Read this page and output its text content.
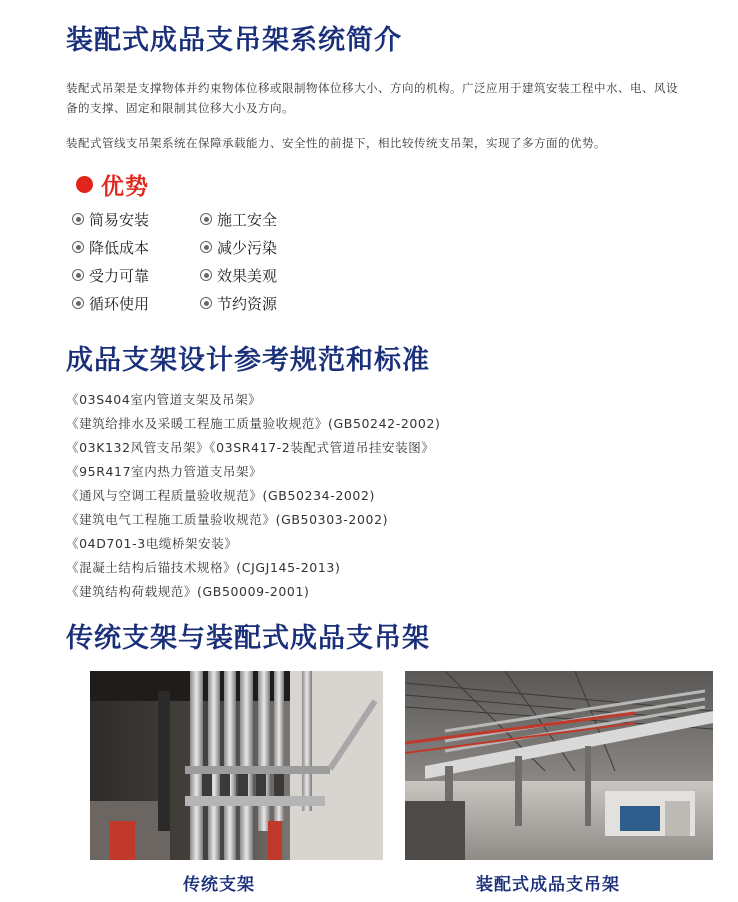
装配式成品支吊架系统简介

装配式吊架是支撑物体并约束物体位移或限制物体位移大小、方向的机构。广泛应用于建筑安装工程中水、电、风设备的支撑、固定和限制其位移大小及方向。

装配式管线支吊架系统在保障承载能力、安全性的前提下，相比较传统支吊架，实现了多方面的优势。

优势
简易安装	施工安全
降低成本	减少污染
受力可靠	效果美观
循环使用	节约资源
成品支架设计参考规范和标准
《03S404室内管道支架及吊架》
《建筑给排水及采暖工程施工质量验收规范》(GB50242-2002)
《03K132风管支吊架》《03SR417-2装配式管道吊挂安装图》
《95R417室内热力管道支吊架》
《通风与空调工程质量验收规范》(GB50234-2002)
《建筑电气工程施工质量验收规范》(GB50303-2002)
《04D701-3电缆桥架安装》
《混凝土结构后锚技术规格》(CJGJ145-2013)
《建筑结构荷载规范》(GB50009-2001)
传统支架与装配式成品支吊架
传统支架	装配式成品支吊架
